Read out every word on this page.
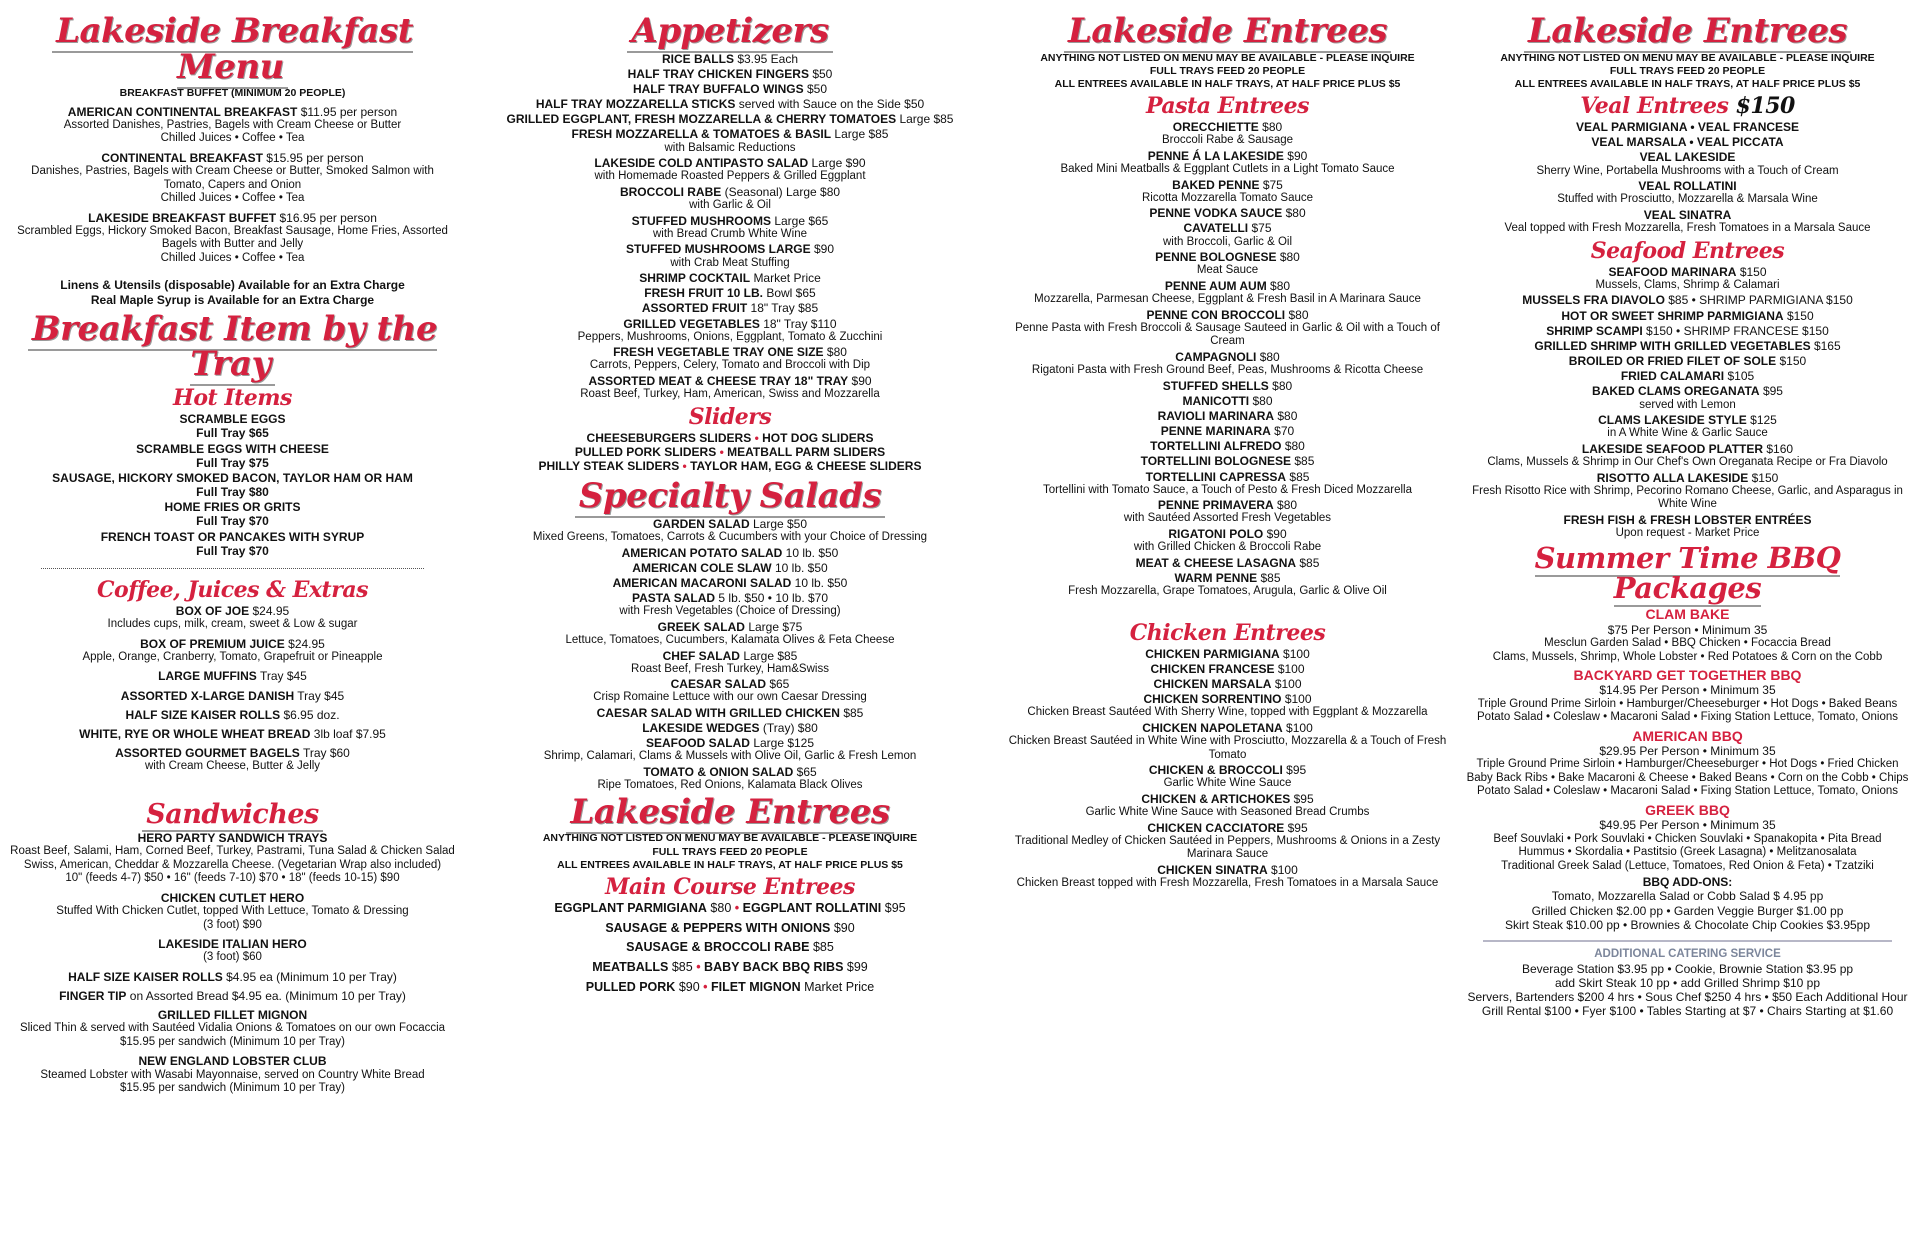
Lakeside Breakfast Menu
BREAKFAST BUFFET (MINIMUM 20 PEOPLE)
AMERICAN CONTINENTAL BREAKFAST $11.95 per person
Assorted Danishes, Pastries, Bagels with Cream Cheese or Butter
Chilled Juices • Coffee • Tea
CONTINENTAL BREAKFAST $15.95 per person
Danishes, Pastries, Bagels with Cream Cheese or Butter, Smoked Salmon with Tomato, Capers and Onion
Chilled Juices • Coffee • Tea
LAKESIDE BREAKFAST BUFFET $16.95 per person
Scrambled Eggs, Hickory Smoked Bacon, Breakfast Sausage, Home Fries, Assorted Bagels with Butter and Jelly
Chilled Juices • Coffee • Tea
Linens & Utensils (disposable) Available for an Extra Charge
Real Maple Syrup is Available for an Extra Charge
Breakfast Item by the Tray
Hot Items
SCRAMBLE EGGS
Full Tray $65
SCRAMBLE EGGS WITH CHEESE
Full Tray $75
SAUSAGE, HICKORY SMOKED BACON, TAYLOR HAM OR HAM
Full Tray $80
HOME FRIES OR GRITS
Full Tray $70
FRENCH TOAST OR PANCAKES WITH SYRUP
Full Tray $70
Coffee, Juices & Extras
BOX OF JOE $24.95
Includes cups, milk, cream, sweet & Low & sugar
BOX OF PREMIUM JUICE $24.95
Apple, Orange, Cranberry, Tomato, Grapefruit or Pineapple
LARGE MUFFINS Tray $45
ASSORTED X-LARGE DANISH Tray $45
HALF SIZE KAISER ROLLS $6.95 doz.
WHITE, RYE OR WHOLE WHEAT BREAD 3lb loaf $7.95
ASSORTED GOURMET BAGELS Tray $60
with Cream Cheese, Butter & Jelly
Sandwiches
HERO PARTY SANDWICH TRAYS
Roast Beef, Salami, Ham, Corned Beef, Turkey, Pastrami, Tuna Salad & Chicken Salad Swiss, American, Cheddar & Mozzarella Cheese. (Vegetarian Wrap also included)
10" (feeds 4-7) $50 • 16" (feeds 7-10) $70 • 18" (feeds 10-15) $90
CHICKEN CUTLET HERO
Stuffed With Chicken Cutlet, topped With Lettuce, Tomato & Dressing
(3 foot) $90
LAKESIDE ITALIAN HERO
(3 foot) $60
HALF SIZE KAISER ROLLS $4.95 ea (Minimum 10 per Tray)
FINGER TIP on Assorted Bread $4.95 ea. (Minimum 10 per Tray)
GRILLED FILLET MIGNON
Sliced Thin & served with Sautéed Vidalia Onions & Tomatoes on our own Focaccia
$15.95 per sandwich (Minimum 10 per Tray)
NEW ENGLAND LOBSTER CLUB
Steamed Lobster with Wasabi Mayonnaise, served on Country White Bread
$15.95 per sandwich (Minimum 10 per Tray)
Appetizers
RICE BALLS $3.95 Each
HALF TRAY CHICKEN FINGERS $50
HALF TRAY BUFFALO WINGS $50
HALF TRAY MOZZARELLA STICKS served with Sauce on the Side $50
GRILLED EGGPLANT, FRESH MOZZARELLA & CHERRY TOMATOES Large $85
FRESH MOZZARELLA & TOMATOES & BASIL Large $85
with Balsamic Reductions
LAKESIDE COLD ANTIPASTO SALAD Large $90
with Homemade Roasted Peppers & Grilled Eggplant
BROCCOLI RABE (Seasonal) Large $80
with Garlic & Oil
STUFFED MUSHROOMS Large $65
with Bread Crumb White Wine
STUFFED MUSHROOMS LARGE $90
with Crab Meat Stuffing
SHRIMP COCKTAIL Market Price
FRESH FRUIT 10 LB. Bowl $65
ASSORTED FRUIT 18" Tray $85
GRILLED VEGETABLES 18" Tray $110
Peppers, Mushrooms, Onions, Eggplant, Tomato & Zucchini
FRESH VEGETABLE TRAY ONE SIZE $80
Carrots, Peppers, Celery, Tomato and Broccoli with Dip
ASSORTED MEAT & CHEESE TRAY 18" TRAY $90
Roast Beef, Turkey, Ham, American, Swiss and Mozzarella
Sliders
CHEESEBURGERS SLIDERS • HOT DOG SLIDERS
PULLED PORK SLIDERS • MEATBALL PARM SLIDERS
PHILLY STEAK SLIDERS • TAYLOR HAM, EGG & CHEESE SLIDERS
Specialty Salads
GARDEN SALAD Large $50
Mixed Greens, Tomatoes, Carrots & Cucumbers with your Choice of Dressing
AMERICAN POTATO SALAD 10 lb. $50
AMERICAN COLE SLAW 10 lb. $50
AMERICAN MACARONI SALAD 10 lb. $50
PASTA SALAD 5 lb. $50 • 10 lb. $70
with Fresh Vegetables (Choice of Dressing)
GREEK SALAD Large $75
Lettuce, Tomatoes, Cucumbers, Kalamata Olives & Feta Cheese
CHEF SALAD Large $85
Roast Beef, Fresh Turkey, Ham&Swiss
CAESAR SALAD $65
Crisp Romaine Lettuce with our own Caesar Dressing
CAESAR SALAD WITH GRILLED CHICKEN $85
LAKESIDE WEDGES (Tray) $80
SEAFOOD SALAD Large $125
Shrimp, Calamari, Clams & Mussels with Olive Oil, Garlic & Fresh Lemon
TOMATO & ONION SALAD $65
Ripe Tomatoes, Red Onions, Kalamata Black Olives
Lakeside Entrees
ANYTHING NOT LISTED ON MENU MAY BE AVAILABLE - PLEASE INQUIRE
FULL TRAYS FEED 20 PEOPLE
ALL ENTREES AVAILABLE IN HALF TRAYS, AT HALF PRICE PLUS $5
Main Course Entrees
EGGPLANT PARMIGIANA $80 • EGGPLANT ROLLATINI $95
SAUSAGE & PEPPERS WITH ONIONS $90
SAUSAGE & BROCCOLI RABE $85
MEATBALLS $85 • BABY BACK BBQ RIBS $99
PULLED PORK $90 • FILET MIGNON Market Price
Lakeside Entrees
ANYTHING NOT LISTED ON MENU MAY BE AVAILABLE - PLEASE INQUIRE
FULL TRAYS FEED 20 PEOPLE
ALL ENTREES AVAILABLE IN HALF TRAYS, AT HALF PRICE PLUS $5
Pasta Entrees
ORECCHIETTE $80
Broccoli Rabe & Sausage
PENNE Á LA LAKESIDE $90
Baked Mini Meatballs & Eggplant Cutlets in a Light Tomato Sauce
BAKED PENNE $75
Ricotta Mozzarella Tomato Sauce
PENNE VODKA SAUCE $80
CAVATELLI $75
with Broccoli, Garlic & Oil
PENNE BOLOGNESE $80
Meat Sauce
PENNE AUM AUM $80
Mozzarella, Parmesan Cheese, Eggplant & Fresh Basil in A Marinara Sauce
PENNE CON BROCCOLI $80
Penne Pasta with Fresh Broccoli & Sausage Sauteed in Garlic & Oil with a Touch of Cream
CAMPAGNOLI $80
Rigatoni Pasta with Fresh Ground Beef, Peas, Mushrooms & Ricotta Cheese
STUFFED SHELLS $80
MANICOTTI $80
RAVIOLI MARINARA $80
PENNE MARINARA $70
TORTELLINI ALFREDO $80
TORTELLINI BOLOGNESE $85
TORTELLINI CAPRESSA $85
Tortellini with Tomato Sauce, a Touch of Pesto & Fresh Diced Mozzarella
PENNE PRIMAVERA $80
with Sautéed Assorted Fresh Vegetables
RIGATONI POLO $90
with Grilled Chicken & Broccoli Rabe
MEAT & CHEESE LASAGNA $85
WARM PENNE $85
Fresh Mozzarella, Grape Tomatoes, Arugula, Garlic & Olive Oil
Chicken Entrees
CHICKEN PARMIGIANA $100
CHICKEN FRANCESE $100
CHICKEN MARSALA $100
CHICKEN SORRENTINO $100
Chicken Breast Sautéed With Sherry Wine, topped with Eggplant & Mozzarella
CHICKEN NAPOLETANA $100
Chicken Breast Sautéed in White Wine with Prosciutto, Mozzarella & a Touch of Fresh Tomato
CHICKEN & BROCCOLI $95
Garlic White Wine Sauce
CHICKEN & ARTICHOKES $95
Garlic White Wine Sauce with Seasoned Bread Crumbs
CHICKEN CACCIATORE $95
Traditional Medley of Chicken Sautéed in Peppers, Mushrooms & Onions in a Zesty Marinara Sauce
CHICKEN SINATRA $100
Chicken Breast topped with Fresh Mozzarella, Fresh Tomatoes in a Marsala Sauce
Lakeside Entrees
ANYTHING NOT LISTED ON MENU MAY BE AVAILABLE - PLEASE INQUIRE
FULL TRAYS FEED 20 PEOPLE
ALL ENTREES AVAILABLE IN HALF TRAYS, AT HALF PRICE PLUS $5
Veal Entrees $150
VEAL PARMIGIANA • VEAL FRANCESE
VEAL MARSALA • VEAL PICCATA
VEAL LAKESIDE
Sherry Wine, Portabella Mushrooms with a Touch of Cream
VEAL ROLLATINI
Stuffed with Prosciutto, Mozzarella & Marsala Wine
VEAL SINATRA
Veal topped with Fresh Mozzarella, Fresh Tomatoes in a Marsala Sauce
Seafood Entrees
SEAFOOD MARINARA $150
Mussels, Clams, Shrimp & Calamari
MUSSELS FRA DIAVOLO $85 • SHRIMP PARMIGIANA $150
HOT OR SWEET SHRIMP PARMIGIANA $150
SHRIMP SCAMPI $150 • SHRIMP FRANCESE $150
GRILLED SHRIMP WITH GRILLED VEGETABLES $165
BROILED OR FRIED FILET OF SOLE $150
FRIED CALAMARI $105
BAKED CLAMS OREGANATA $95
served with Lemon
CLAMS LAKESIDE STYLE $125
in A White Wine & Garlic Sauce
LAKESIDE SEAFOOD PLATTER $160
Clams, Mussels & Shrimp in Our Chef's Own Oreganata Recipe or Fra Diavolo
RISOTTO ALLA LAKESIDE $150
Fresh Risotto Rice with Shrimp, Pecorino Romano Cheese, Garlic, and Asparagus in White Wine
FRESH FISH & FRESH LOBSTER ENTRÉES
Upon request - Market Price
Summer Time BBQ Packages
CLAM BAKE
$75 Per Person • Minimum 35
Mesclun Garden Salad • BBQ Chicken • Focaccia Bread
Clams, Mussels, Shrimp, Whole Lobster • Red Potatoes & Corn on the Cobb
BACKYARD GET TOGETHER BBQ
$14.95 Per Person • Minimum 35
Triple Ground Prime Sirloin • Hamburger/Cheeseburger • Hot Dogs • Baked Beans
Potato Salad • Coleslaw • Macaroni Salad • Fixing Station Lettuce, Tomato, Onions
AMERICAN BBQ
$29.95 Per Person • Minimum 35
Triple Ground Prime Sirloin • Hamburger/Cheeseburger • Hot Dogs • Fried Chicken
Baby Back Ribs • Bake Macaroni & Cheese • Baked Beans • Corn on the Cobb • Chips
Potato Salad • Coleslaw • Macaroni Salad • Fixing Station Lettuce, Tomato, Onions
GREEK BBQ
$49.95 Per Person • Minimum 35
Beef Souvlaki • Pork Souvlaki • Chicken Souvlaki • Spanakopita • Pita Bread
Hummus • Skordalia • Pastitsio (Greek Lasagna) • Melitzanosalata
Traditional Greek Salad (Lettuce, Tomatoes, Red Onion & Feta) • Tzatziki
BBQ ADD-ONS:
Tomato, Mozzarella Salad or Cobb Salad $ 4.95 pp
Grilled Chicken $2.00 pp • Garden Veggie Burger $1.00 pp
Skirt Steak $10.00 pp • Brownies & Chocolate Chip Cookies $3.95pp
ADDITIONAL CATERING SERVICE
Beverage Station $3.95 pp • Cookie, Brownie Station $3.95 pp
add Skirt Steak 10 pp • add Grilled Shrimp $10 pp
Servers, Bartenders $200 4 hrs • Sous Chef $250 4 hrs • $50 Each Additional Hour
Grill Rental $100 • Fyer $100 • Tables Starting at $7 • Chairs Starting at $1.60
